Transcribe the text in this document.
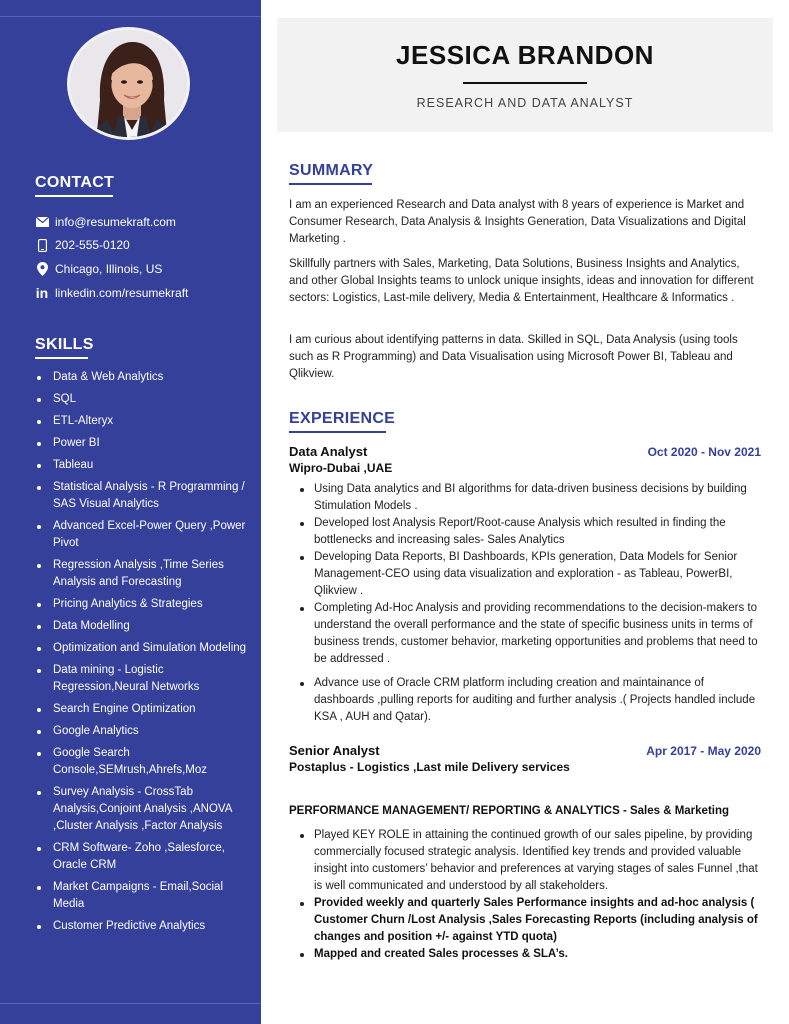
CONTACT
info@resumekraft.com
202-555-0120
Chicago, Illinois, US
in linkedin.com/resumekraft
SKILLS
Data & Web Analytics
SQL
ETL-Alteryx
Power BI
Tableau
Statistical Analysis - R Programming / SAS Visual Analytics
Advanced Excel-Power Query ,Power Pivot
Regression Analysis ,Time Series Analysis and Forecasting
Pricing Analytics & Strategies
Data Modelling
Optimization and Simulation Modeling
Data mining - Logistic Regression,Neural Networks
Search Engine Optimization
Google Analytics
Google Search Console,SEMrush,Ahrefs,Moz
Survey Analysis - CrossTab Analysis,Conjoint Analysis ,ANOVA ,Cluster Analysis ,Factor Analysis
CRM Software- Zoho ,Salesforce, Oracle CRM
Market Campaigns - Email,Social Media
Customer Predictive Analytics
JESSICA BRANDON
RESEARCH AND DATA ANALYST
SUMMARY
I am an experienced Research and Data analyst with 8 years of experience is Market and Consumer Research, Data Analysis & Insights Generation, Data Visualizations and Digital Marketing .
Skillfully partners with Sales, Marketing, Data Solutions, Business Insights and Analytics, and other Global Insights teams to unlock unique insights, ideas and innovation for different sectors: Logistics, Last-mile delivery, Media & Entertainment, Healthcare & Informatics .
I am curious about identifying patterns in data. Skilled in SQL, Data Analysis (using tools such as R Programming) and Data Visualisation using Microsoft Power BI, Tableau and Qlikview.
EXPERIENCE
Data Analyst	Oct 2020 - Nov 2021
Wipro-Dubai ,UAE
Using Data analytics and BI algorithms for data-driven business decisions by building Stimulation Models .
Developed lost Analysis Report/Root-cause Analysis which resulted in finding the bottlenecks and increasing sales- Sales Analytics
Developing Data Reports, BI Dashboards, KPIs generation, Data Models for Senior Management-CEO using data visualization and exploration - as Tableau, PowerBI, Qlikview .
Completing Ad-Hoc Analysis and providing recommendations to the decision-makers to understand the overall performance and the state of specific business units in terms of business trends, customer behavior, marketing opportunities and problems that need to be addressed .
Advance use of Oracle CRM platform including creation and maintainance of dashboards ,pulling reports for auditing and further analysis .( Projects handled include KSA , AUH and Qatar).
Senior Analyst	Apr 2017 - May 2020
Postaplus - Logistics ,Last mile Delivery services
PERFORMANCE MANAGEMENT/ REPORTING & ANALYTICS - Sales & Marketing
Played KEY ROLE in attaining the continued growth of our sales pipeline, by providing commercially focused strategic analysis. Identified key trends and provided valuable insight into customers’ behavior and preferences at varying stages of sales Funnel ,that is well communicated and understood by all stakeholders.
Provided weekly and quarterly Sales Performance insights and ad-hoc analysis ( Customer Churn /Lost Analysis ,Sales Forecasting Reports (including analysis of changes and position +/- against YTD quota)
Mapped and created Sales processes & SLA’s.
